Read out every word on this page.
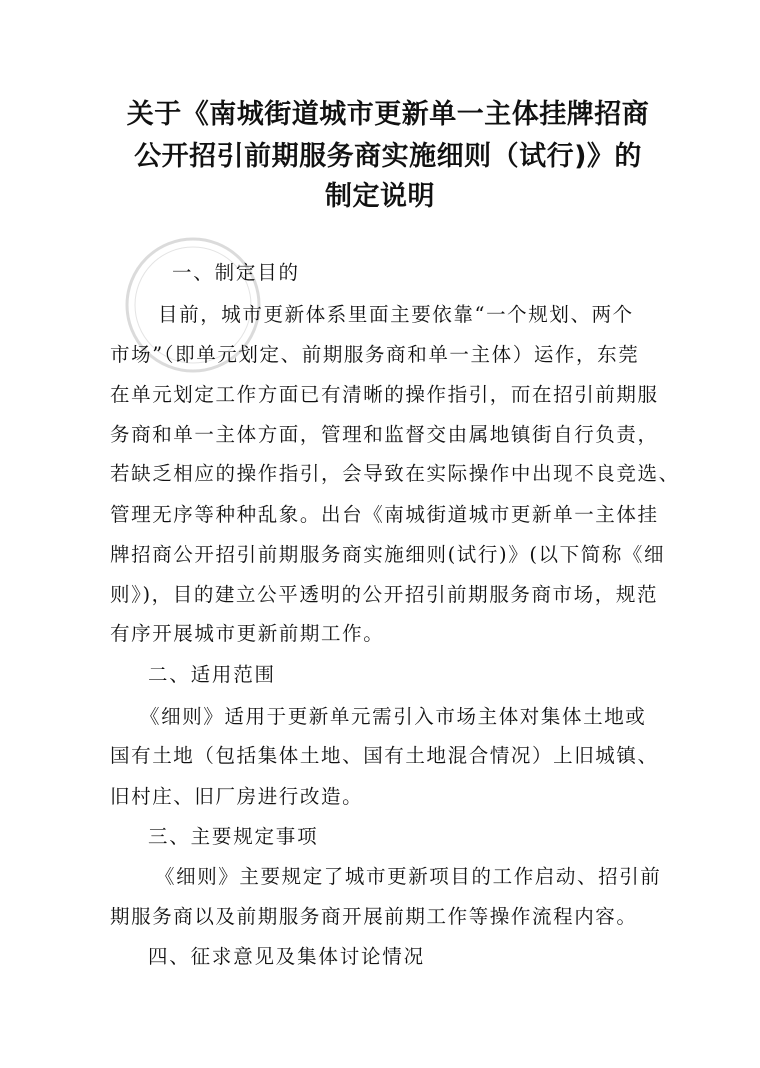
关于《南城街道城市更新单一主体挂牌招商
公开招引前期服务商实施细则（试行)》的
制定说明
一、制定目的
目前，城市更新体系里面主要依靠“一个规划、两个
市场”（即单元划定、前期服务商和单一主体）运作，东莞
在单元划定工作方面已有清晰的操作指引，而在招引前期服
务商和单一主体方面，管理和监督交由属地镇街自行负责，
若缺乏相应的操作指引，会导致在实际操作中出现不良竞选、
管理无序等种种乱象。出台《南城街道城市更新单一主体挂
牌招商公开招引前期服务商实施细则(试行)》(以下简称《细
则》)，目的建立公平透明的公开招引前期服务商市场，规范
有序开展城市更新前期工作。
二、适用范围
《细则》适用于更新单元需引入市场主体对集体土地或
国有土地（包括集体土地、国有土地混合情况）上旧城镇、
旧村庄、旧厂房进行改造。
三、主要规定事项
《细则》主要规定了城市更新项目的工作启动、招引前
期服务商以及前期服务商开展前期工作等操作流程内容。
四、征求意见及集体讨论情况
